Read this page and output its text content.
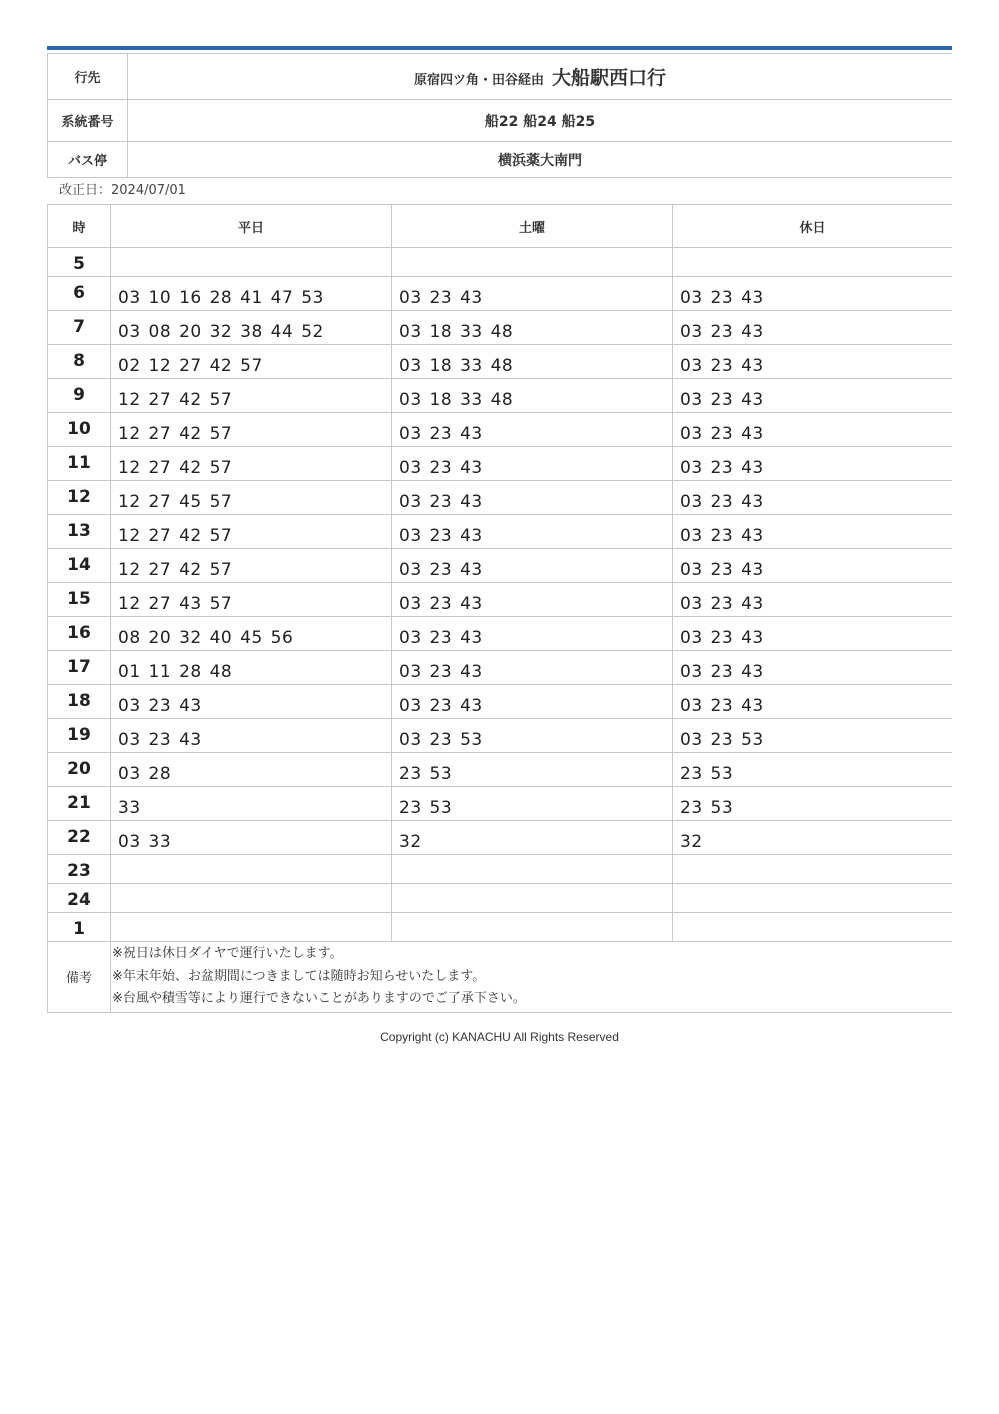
行先	原宿四ツ角・田谷経由 大船駅西口行
系統番号	船22 船24 船25
バス停	横浜薬大南門
改正日：2024/07/01
時	平日	土曜	休日
5			
6	03 10 16 28 41 47 53	03 23 43	03 23 43
7	03 08 20 32 38 44 52	03 18 33 48	03 23 43
8	02 12 27 42 57	03 18 33 48	03 23 43
9	12 27 42 57	03 18 33 48	03 23 43
10	12 27 42 57	03 23 43	03 23 43
11	12 27 42 57	03 23 43	03 23 43
12	12 27 45 57	03 23 43	03 23 43
13	12 27 42 57	03 23 43	03 23 43
14	12 27 42 57	03 23 43	03 23 43
15	12 27 43 57	03 23 43	03 23 43
16	08 20 32 40 45 56	03 23 43	03 23 43
17	01 11 28 48	03 23 43	03 23 43
18	03 23 43	03 23 43	03 23 43
19	03 23 43	03 23 53	03 23 53
20	03 28	23 53	23 53
21	33	23 53	23 53
22	03 33	32	32
23			
24			
1			
備考	※祝日は休日ダイヤで運行いたします。
※年末年始、お盆期間につきましては随時お知らせいたします。
※台風や積雪等により運行できないことがありますのでご了承下さい。		
Copyright (c) KANACHU All Rights Reserved
